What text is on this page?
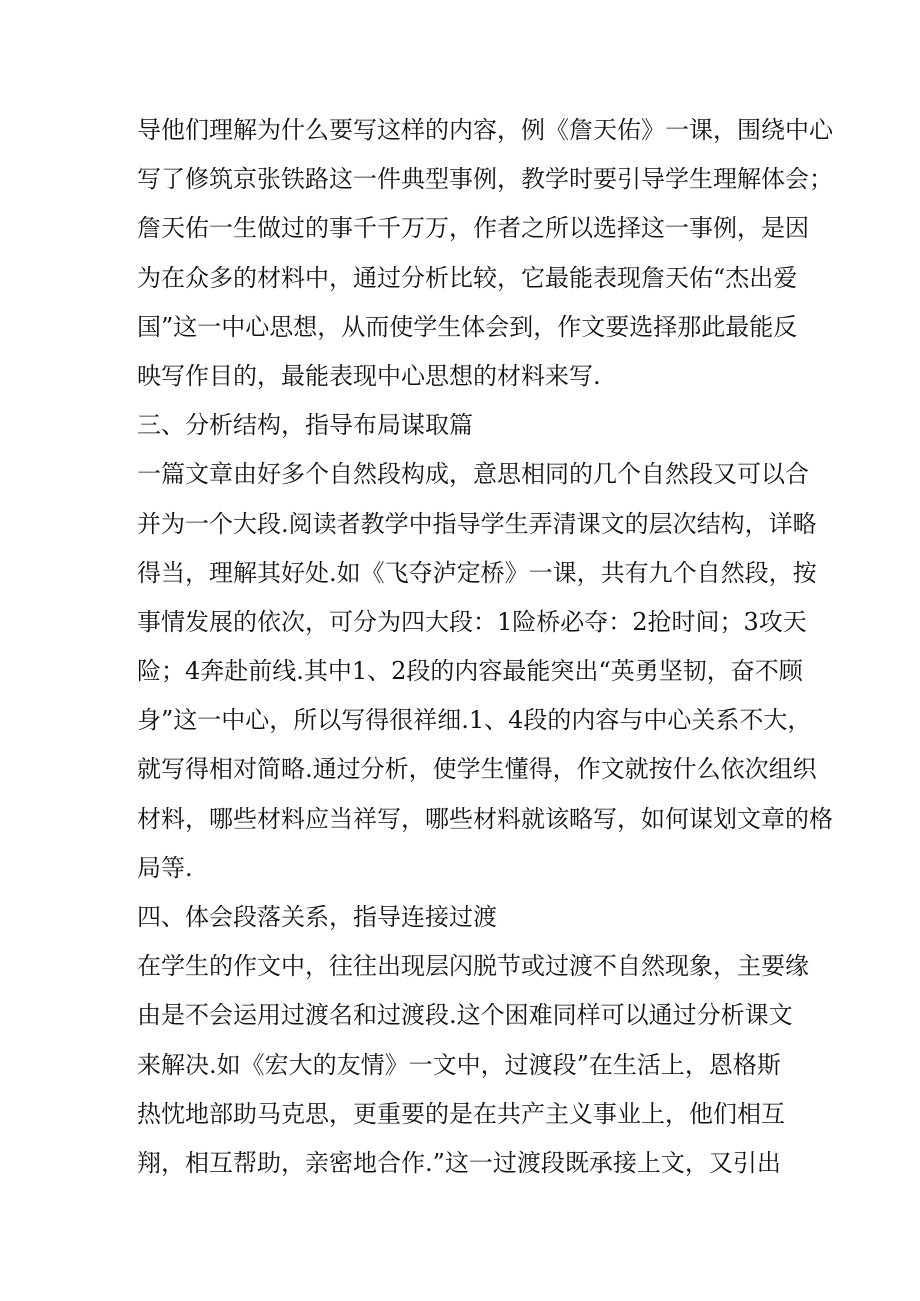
导他们理解为什么要写这样的内容，例《詹天佑》一课，围绕中心
写了修筑京张铁路这一件典型事例，教学时要引导学生理解体会；
詹天佑一生做过的事千千万万，作者之所以选择这一事例，是因
为在众多的材料中，通过分析比较，它最能表现詹天佑“杰出爱
国”这一中心思想，从而使学生体会到，作文要选择那此最能反
映写作目的，最能表现中心思想的材料来写.
三、分析结构，指导布局谋取篇
一篇文章由好多个自然段构成，意思相同的几个自然段又可以合
并为一个大段.阅读者教学中指导学生弄清课文的层次结构，详略
得当，理解其好处.如《飞夺泸定桥》一课，共有九个自然段，按
事情发展的依次，可分为四大段：1险桥必夺：2抢时间；3攻天
险；4奔赴前线.其中1、2段的内容最能突出“英勇坚韧，奋不顾
身”这一中心，所以写得很祥细.1、4段的内容与中心关系不大，
就写得相对简略.通过分析，使学生懂得，作文就按什么依次组织
材料，哪些材料应当祥写，哪些材料就该略写，如何谋划文章的格
局等.
四、体会段落关系，指导连接过渡
在学生的作文中，往往出现层闪脱节或过渡不自然现象，主要缘
由是不会运用过渡名和过渡段.这个困难同样可以通过分析课文
来解决.如《宏大的友情》一文中，过渡段”在生活上，恩格斯
热忱地部助马克思，更重要的是在共产主义事业上，他们相互
翔，相互帮助，亲密地合作.”这一过渡段既承接上文，又引出
